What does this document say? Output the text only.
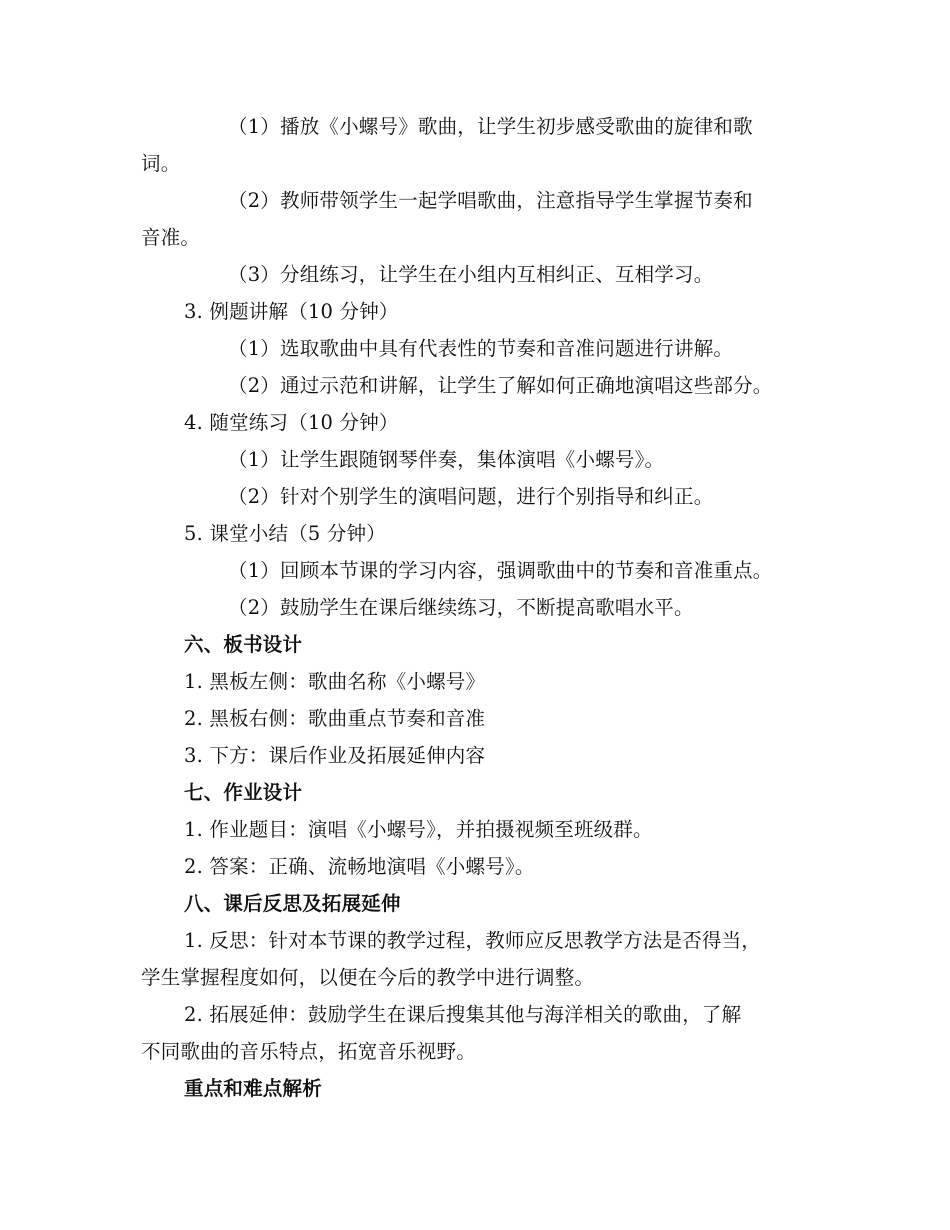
（1）播放《小螺号》歌曲，让学生初步感受歌曲的旋律和歌
词。
（2）教师带领学生一起学唱歌曲，注意指导学生掌握节奏和
音准。
（3）分组练习，让学生在小组内互相纠正、互相学习。
3. 例题讲解（10 分钟）
（1）选取歌曲中具有代表性的节奏和音准问题进行讲解。
（2）通过示范和讲解，让学生了解如何正确地演唱这些部分。
4. 随堂练习（10 分钟）
（1）让学生跟随钢琴伴奏，集体演唱《小螺号》。
（2）针对个别学生的演唱问题，进行个别指导和纠正。
5. 课堂小结（5 分钟）
（1）回顾本节课的学习内容，强调歌曲中的节奏和音准重点。
（2）鼓励学生在课后继续练习，不断提高歌唱水平。
六、板书设计
1. 黑板左侧：歌曲名称《小螺号》
2. 黑板右侧：歌曲重点节奏和音准
3. 下方：课后作业及拓展延伸内容
七、作业设计
1. 作业题目：演唱《小螺号》，并拍摄视频至班级群。
2. 答案：正确、流畅地演唱《小螺号》。
八、课后反思及拓展延伸
1. 反思：针对本节课的教学过程，教师应反思教学方法是否得当，
学生掌握程度如何，以便在今后的教学中进行调整。
2. 拓展延伸：鼓励学生在课后搜集其他与海洋相关的歌曲，了解
不同歌曲的音乐特点，拓宽音乐视野。
重点和难点解析
